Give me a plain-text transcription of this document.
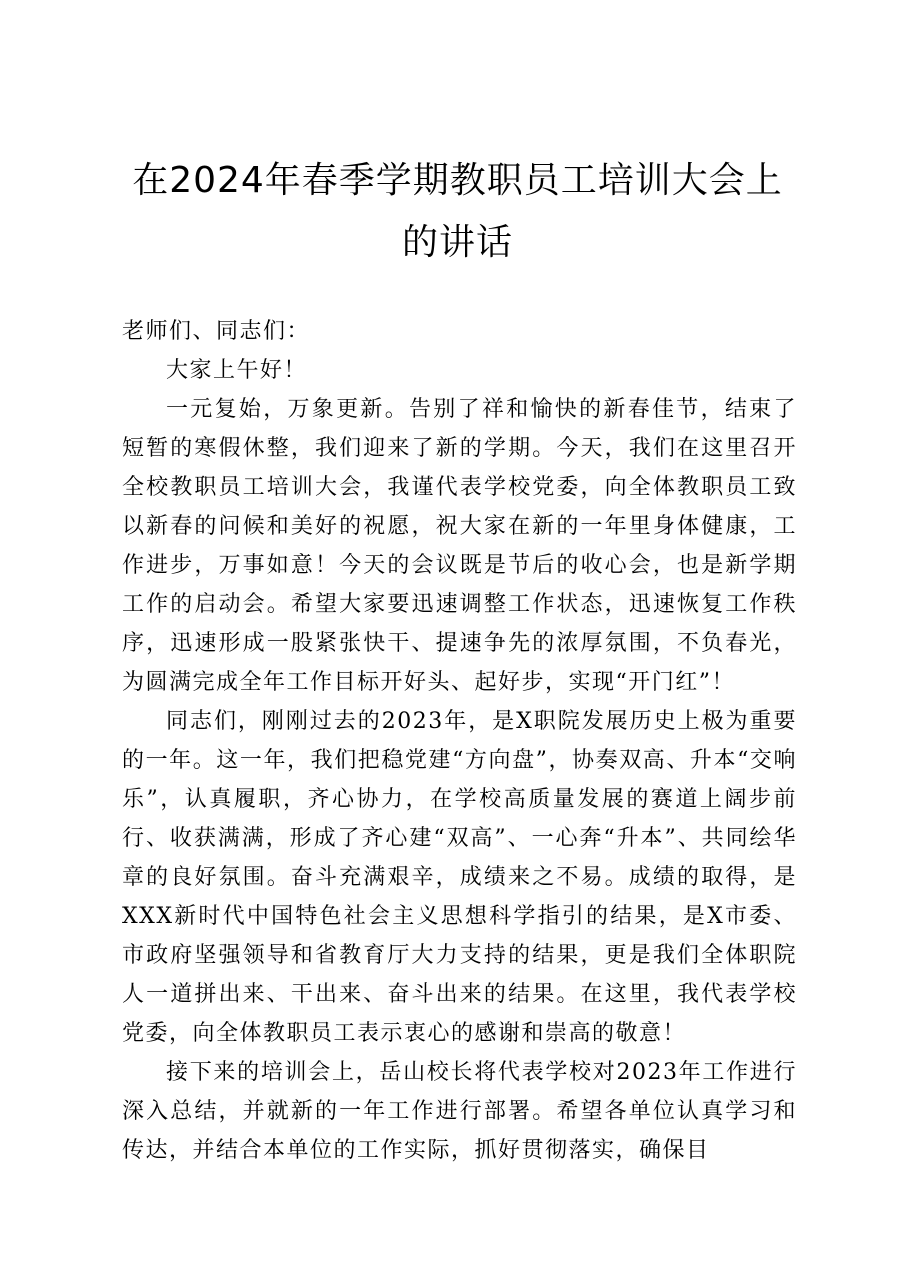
在2024年春季学期教职员工培训大会上的讲话

老师们、同志们：

大家上午好！

一元复始，万象更新。告别了祥和愉快的新春佳节，结束了短暂的寒假休整，我们迎来了新的学期。今天，我们在这里召开全校教职员工培训大会，我谨代表学校党委，向全体教职员工致以新春的问候和美好的祝愿，祝大家在新的一年里身体健康，工作进步，万事如意！今天的会议既是节后的收心会，也是新学期工作的启动会。希望大家要迅速调整工作状态，迅速恢复工作秩序，迅速形成一股紧张快干、提速争先的浓厚氛围，不负春光，为圆满完成全年工作目标开好头、起好步，实现“开门红”！

同志们，刚刚过去的2023年，是X职院发展历史上极为重要的一年。这一年，我们把稳党建“方向盘”，协奏双高、升本“交响乐”，认真履职，齐心协力，在学校高质量发展的赛道上阔步前行、收获满满，形成了齐心建“双高”、一心奔“升本”、共同绘华章的良好氛围。奋斗充满艰辛，成绩来之不易。成绩的取得，是XXX新时代中国特色社会主义思想科学指引的结果，是X市委、市政府坚强领导和省教育厅大力支持的结果，更是我们全体职院人一道拼出来、干出来、奋斗出来的结果。在这里，我代表学校党委，向全体教职员工表示衷心的感谢和崇高的敬意！

接下来的培训会上，岳山校长将代表学校对2023年工作进行深入总结，并就新的一年工作进行部署。希望各单位认真学习和传达，并结合本单位的工作实际，抓好贯彻落实，确保目
